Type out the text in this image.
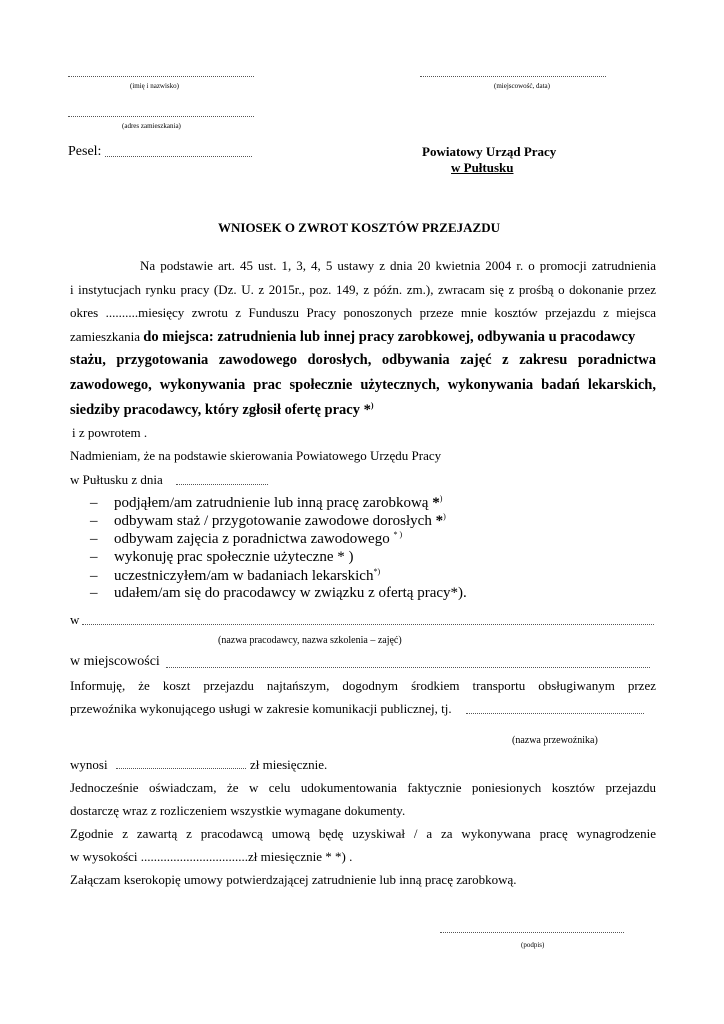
(imię i nazwisko)	(miejscowość, data)
(adres zamieszkania)
Pesel:	Powiatowy Urząd Pracy
w Pułtusku
WNIOSEK O ZWROT KOSZTÓW PRZEJAZDU
Na podstawie art. 45 ust. 1, 3, 4, 5 ustawy z dnia 20 kwietnia 2004 r. o promocji zatrudnienia
i instytucjach rynku pracy (Dz. U. z 2015r., poz. 149, z późn. zm.), zwracam się z prośbą o dokonanie przez
okres ..........miesięcy zwrotu z Funduszu Pracy ponoszonych przeze mnie kosztów przejazdu z miejsca
zamieszkania do miejsca: zatrudnienia lub innej pracy zarobkowej, odbywania u pracodawcy
stażu, przygotowania zawodowego dorosłych, odbywania zajęć z zakresu poradnictwa
zawodowego, wykonywania prac społecznie użytecznych, wykonywania badań lekarskich,
siedziby pracodawcy, który zgłosił ofertę pracy *)
i z powrotem .
Nadmieniam, że na podstawie skierowania Powiatowego Urzędu Pracy
w Pułtusku z dnia
– podjąłem/am zatrudnienie lub inną pracę zarobkową *)
– odbywam staż / przygotowanie zawodowe dorosłych *)
– odbywam zajęcia z poradnictwa zawodowego * )
– wykonuję prac społecznie użyteczne * )
– uczestniczyłem/am w badaniach lekarskich*)
– udałem/am się do pracodawcy w związku z ofertą pracy*).
w
(nazwa pracodawcy, nazwa szkolenia – zajęć)
w miejscowości
Informuję, że koszt przejazdu najtańszym, dogodnym środkiem transportu obsługiwanym przez
przewoźnika wykonującego usługi w zakresie komunikacji publicznej, tj.
(nazwa przewoźnika)
wynosi	zł miesięcznie.
Jednocześnie oświadczam, że w celu udokumentowania faktycznie poniesionych kosztów przejazdu
dostarczę wraz z rozliczeniem wszystkie wymagane dokumenty.
Zgodnie z zawartą z pracodawcą umową będę uzyskiwał / a za wykonywana pracę wynagrodzenie
w wysokości .................................zł miesięcznie * *) .
Załączam kserokopię umowy potwierdzającej zatrudnienie lub inną pracę zarobkową.
(podpis)
